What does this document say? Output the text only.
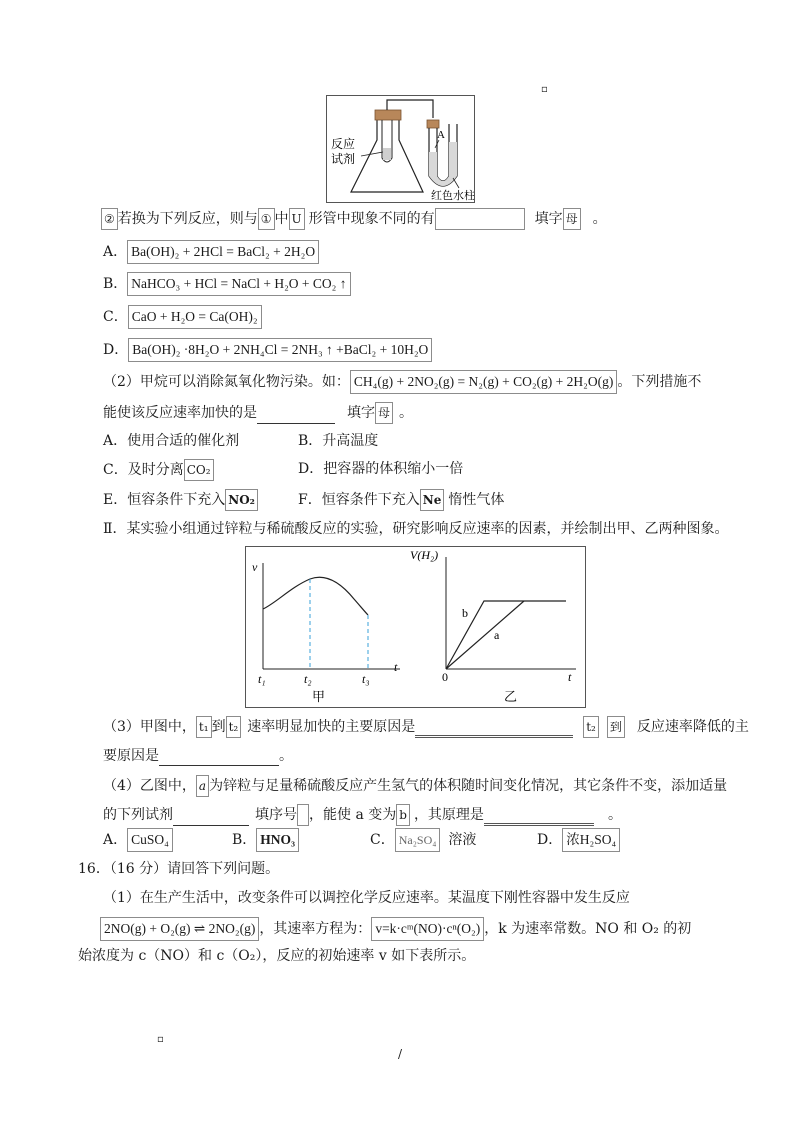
▫
反应
试剂
A
红色水柱
② 若换为下列反应，则与 ① 中 U 形管中现象不同的有	填字 母 。
A． Ba(OH)₂ + 2HCl = BaCl₂ + 2H₂O
B． NaHCO₃ + HCl = NaCl + H₂O + CO₂ ↑
C． CaO + H₂O = Ca(OH)₂
D． Ba(OH)₂ ·8H₂O + 2NH₄Cl = 2NH₃ ↑ +BaCl₂ + 10H₂O
（2）甲烷可以消除氮氧化物污染。如： CH₄(g) + 2NO₂(g) = N₂(g) + CO₂(g) + 2H₂O(g) 。下列措施不
能使该反应速率加快的是	填字 母 。
A．使用合适的催化剂	B．升高温度
C．及时分离 CO₂	D．把容器的体积缩小一倍
E．恒容条件下充入 NO₂	F．恒容条件下充入 Ne 惰性气体
Ⅱ．某实验小组通过锌粒与稀硫酸反应的实验，研究影响反应速率的因素，并绘制出甲、乙两种图象。
v
t
t₁	t₂	t₃
甲
V(H₂)
t
0
b
a
乙
（3）甲图中， t₁ 到 t₂ 速率明显加快的主要原因是	t₂ 到 反应速率降低的主
要原因是	。
（4）乙图中， a 为锌粒与足量稀硫酸反应产生氢气的体积随时间变化情况，其它条件不变，添加适量
的下列试剂	填序号 ，能使 a 变为 b ，其原理是	。
A． CuSO₄	B． HNO₃	C． Na₂SO₄ 溶液	D． 浓H₂SO₄
16．（16 分）请回答下列问题。
（1）在生产生活中，改变条件可以调控化学反应速率。某温度下刚性容器中发生反应
2NO(g) + O₂(g) ⇌ 2NO₂(g) ，其速率方程为： v=k·cᵐ(NO)·cⁿ(O₂) ，k 为速率常数。NO 和 O₂ 的初
始浓度为 c（NO）和 c（O₂），反应的初始速率 v 如下表所示。
▫
/
